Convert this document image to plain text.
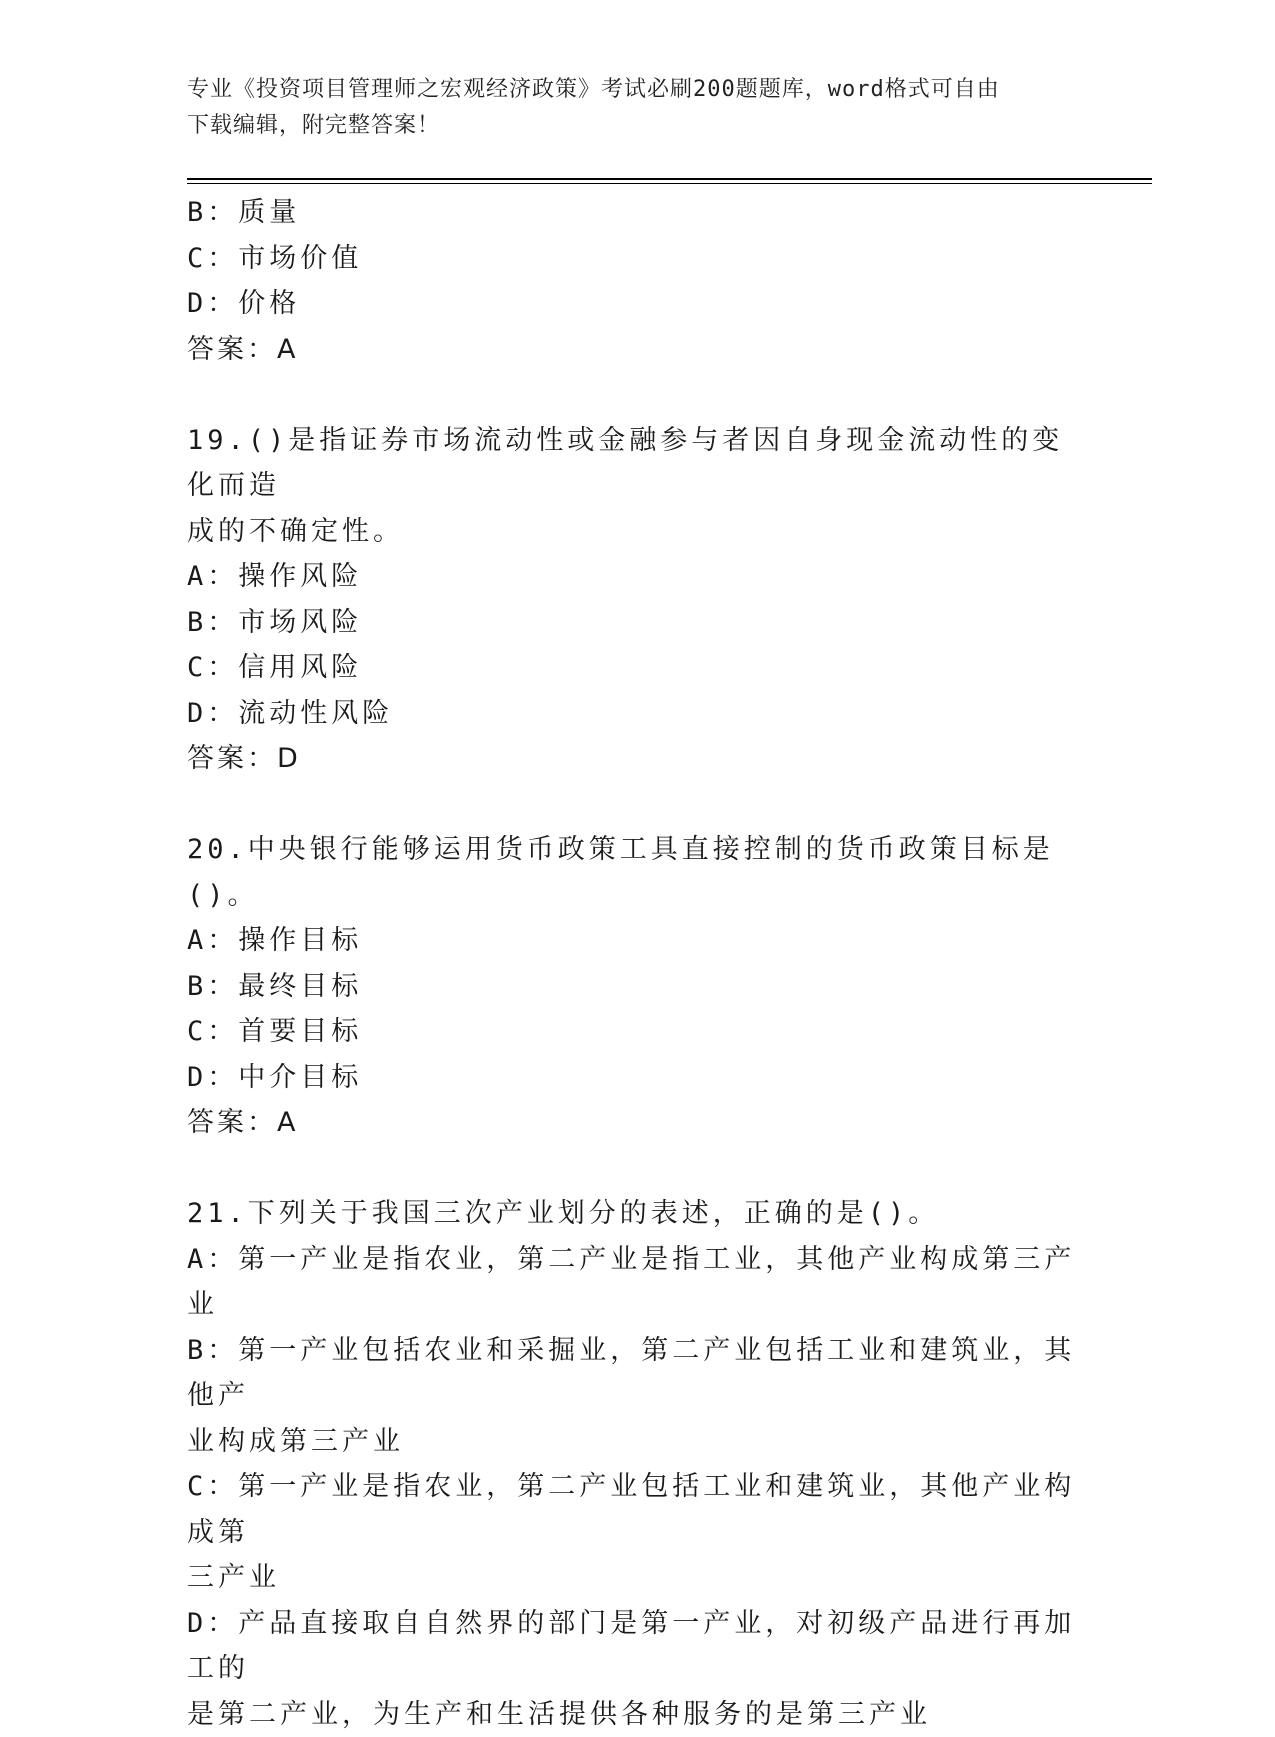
专业《投资项目管理师之宏观经济政策》考试必刷200题题库，word格式可自由
下载编辑，附完整答案！
B：质量
C：市场价值
D：价格
答案：A
19.()是指证券市场流动性或金融参与者因自身现金流动性的变化而造
成的不确定性。
A：操作风险
B：市场风险
C：信用风险
D：流动性风险
答案：D
20.中央银行能够运用货币政策工具直接控制的货币政策目标是()。
A：操作目标
B：最终目标
C：首要目标
D：中介目标
答案：A
21.下列关于我国三次产业划分的表述，正确的是()。
A：第一产业是指农业，第二产业是指工业，其他产业构成第三产业
B：第一产业包括农业和采掘业，第二产业包括工业和建筑业，其他产
业构成第三产业
C：第一产业是指农业，第二产业包括工业和建筑业，其他产业构成第
三产业
D：产品直接取自自然界的部门是第一产业，对初级产品进行再加工的
是第二产业，为生产和生活提供各种服务的是第三产业
